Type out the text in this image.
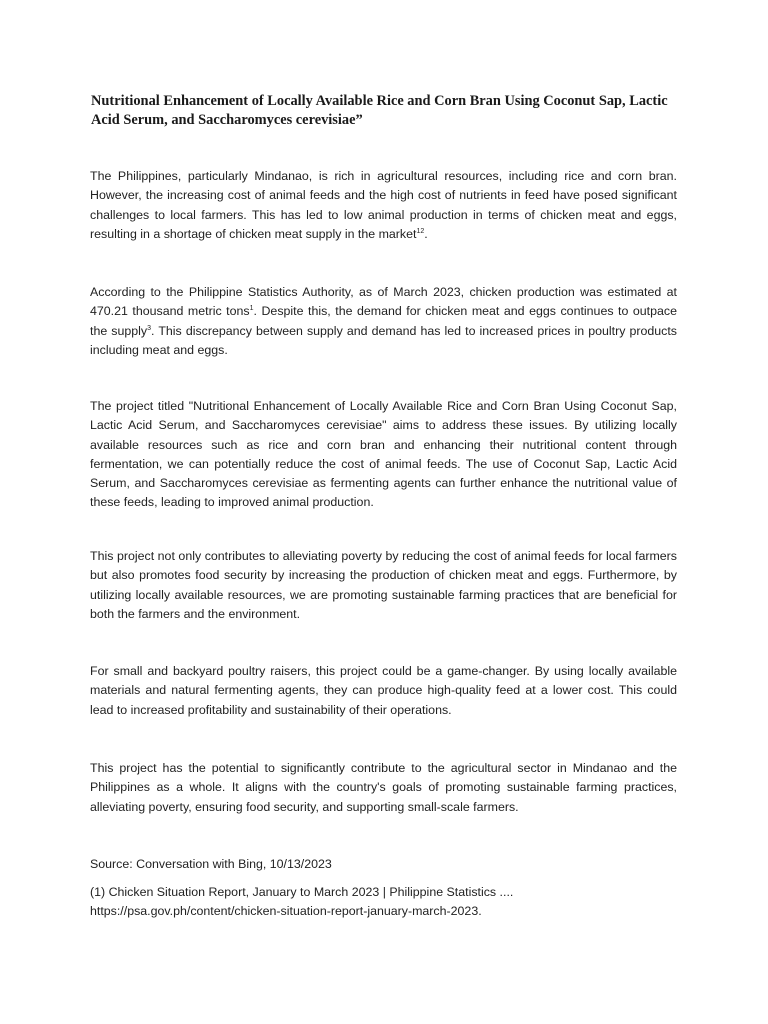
Nutritional Enhancement of Locally Available Rice and Corn Bran Using Coconut Sap, Lactic Acid Serum, and Saccharomyces cerevisiae”

The Philippines, particularly Mindanao, is rich in agricultural resources, including rice and corn bran. However, the increasing cost of animal feeds and the high cost of nutrients in feed have posed significant challenges to local farmers. This has led to low animal production in terms of chicken meat and eggs, resulting in a shortage of chicken meat supply in the market$^{12}$.

According to the Philippine Statistics Authority, as of March 2023, chicken production was estimated at 470.21 thousand metric tons$^1$. Despite this, the demand for chicken meat and eggs continues to outpace the supply$^3$. This discrepancy between supply and demand has led to increased prices in poultry products including meat and eggs.

The project titled "Nutritional Enhancement of Locally Available Rice and Corn Bran Using Coconut Sap, Lactic Acid Serum, and Saccharomyces cerevisiae" aims to address these issues. By utilizing locally available resources such as rice and corn bran and enhancing their nutritional content through fermentation, we can potentially reduce the cost of animal feeds. The use of Coconut Sap, Lactic Acid Serum, and Saccharomyces cerevisiae as fermenting agents can further enhance the nutritional value of these feeds, leading to improved animal production.

This project not only contributes to alleviating poverty by reducing the cost of animal feeds for local farmers but also promotes food security by increasing the production of chicken meat and eggs. Furthermore, by utilizing locally available resources, we are promoting sustainable farming practices that are beneficial for both the farmers and the environment.

For small and backyard poultry raisers, this project could be a game-changer. By using locally available materials and natural fermenting agents, they can produce high-quality feed at a lower cost. This could lead to increased profitability and sustainability of their operations.

This project has the potential to significantly contribute to the agricultural sector in Mindanao and the Philippines as a whole. It aligns with the country's goals of promoting sustainable farming practices, alleviating poverty, ensuring food security, and supporting small-scale farmers.

Source: Conversation with Bing, 10/13/2023

(1) Chicken Situation Report, January to March 2023 | Philippine Statistics ....
https://psa.gov.ph/content/chicken-situation-report-january-march-2023.
